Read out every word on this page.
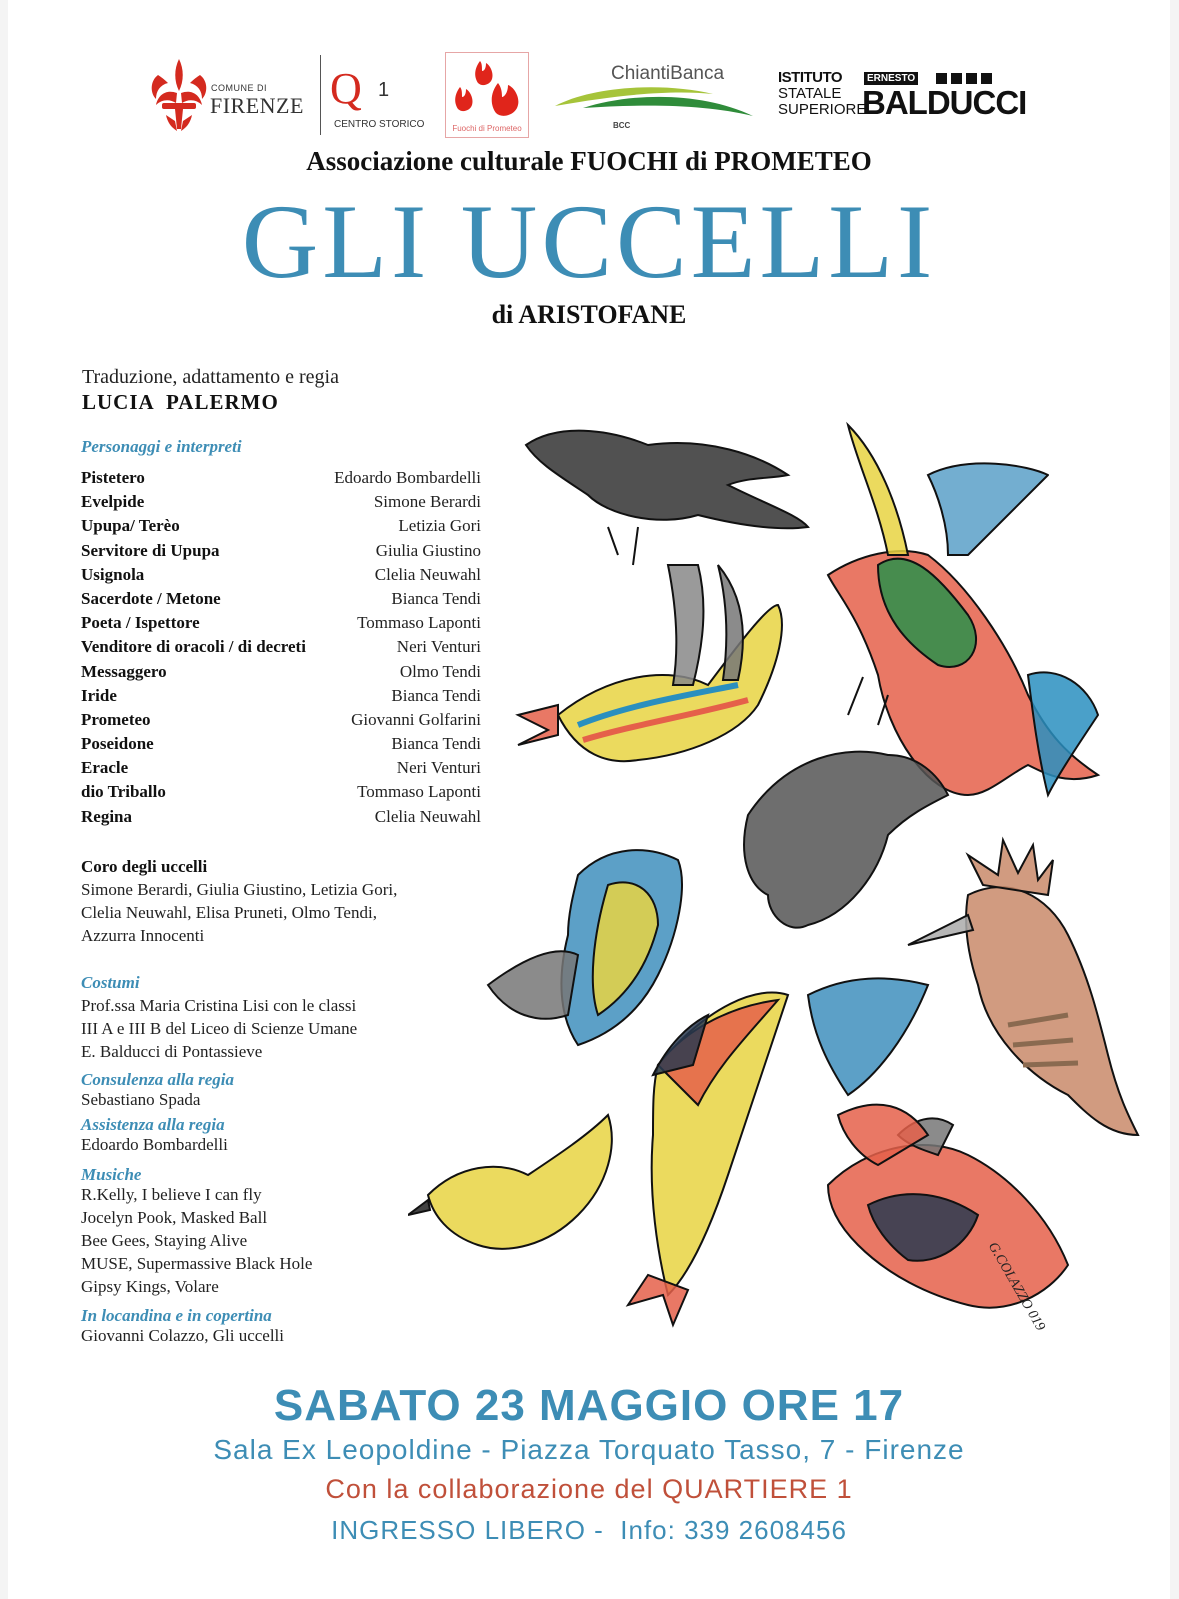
COMUNE DI
FIRENZE Q 1
CENTRO STORICO	Fuochi di Prometeo
ChiantiBanca
BCC
ISTITUTO	ERNESTO
STATALE
SUPERIORE
BALDUCCI
Associazione culturale FUOCHI di PROMETEO
GLI UCCELLI
di ARISTOFANE
Traduzione, adattamento e regia
LUCIA  PALERMO
Personaggi e interpreti
Pistetero	Edoardo Bombardelli
Evelpide	Simone Berardi
Upupa/ Terèo	Letizia Gori
Servitore di Upupa	Giulia Giustino
Usignola	Clelia Neuwahl
Sacerdote / Metone	Bianca Tendi
Poeta / Ispettore	Tommaso Laponti
Venditore di oracoli / di decreti	Neri Venturi
Messaggero	Olmo Tendi
Iride	Bianca Tendi
Prometeo	Giovanni Golfarini
Poseidone	Bianca Tendi
Eracle	Neri Venturi
dio Triballo	Tommaso Laponti
Regina	Clelia Neuwahl
Coro degli uccelli
Simone Berardi, Giulia Giustino, Letizia Gori,
Clelia Neuwahl, Elisa Pruneti, Olmo Tendi,
Azzurra Innocenti
Costumi
Prof.ssa Maria Cristina Lisi con le classi
III A e III B del Liceo di Scienze Umane
E. Balducci di Pontassieve
Consulenza alla regia
Sebastiano Spada
Assistenza alla regia
Edoardo Bombardelli
Musiche
R.Kelly, I believe I can fly
Jocelyn Pook, Masked Ball
Bee Gees, Staying Alive
MUSE, Supermassive Black Hole
Gipsy Kings, Volare
In locandina e in copertina
Giovanni Colazzo, Gli uccelli
G.COLAZZO 019
SABATO 23 MAGGIO ORE 17
Sala Ex Leopoldine - Piazza Torquato Tasso, 7 - Firenze
Con la collaborazione del QUARTIERE 1
INGRESSO LIBERO -  Info: 339 2608456
